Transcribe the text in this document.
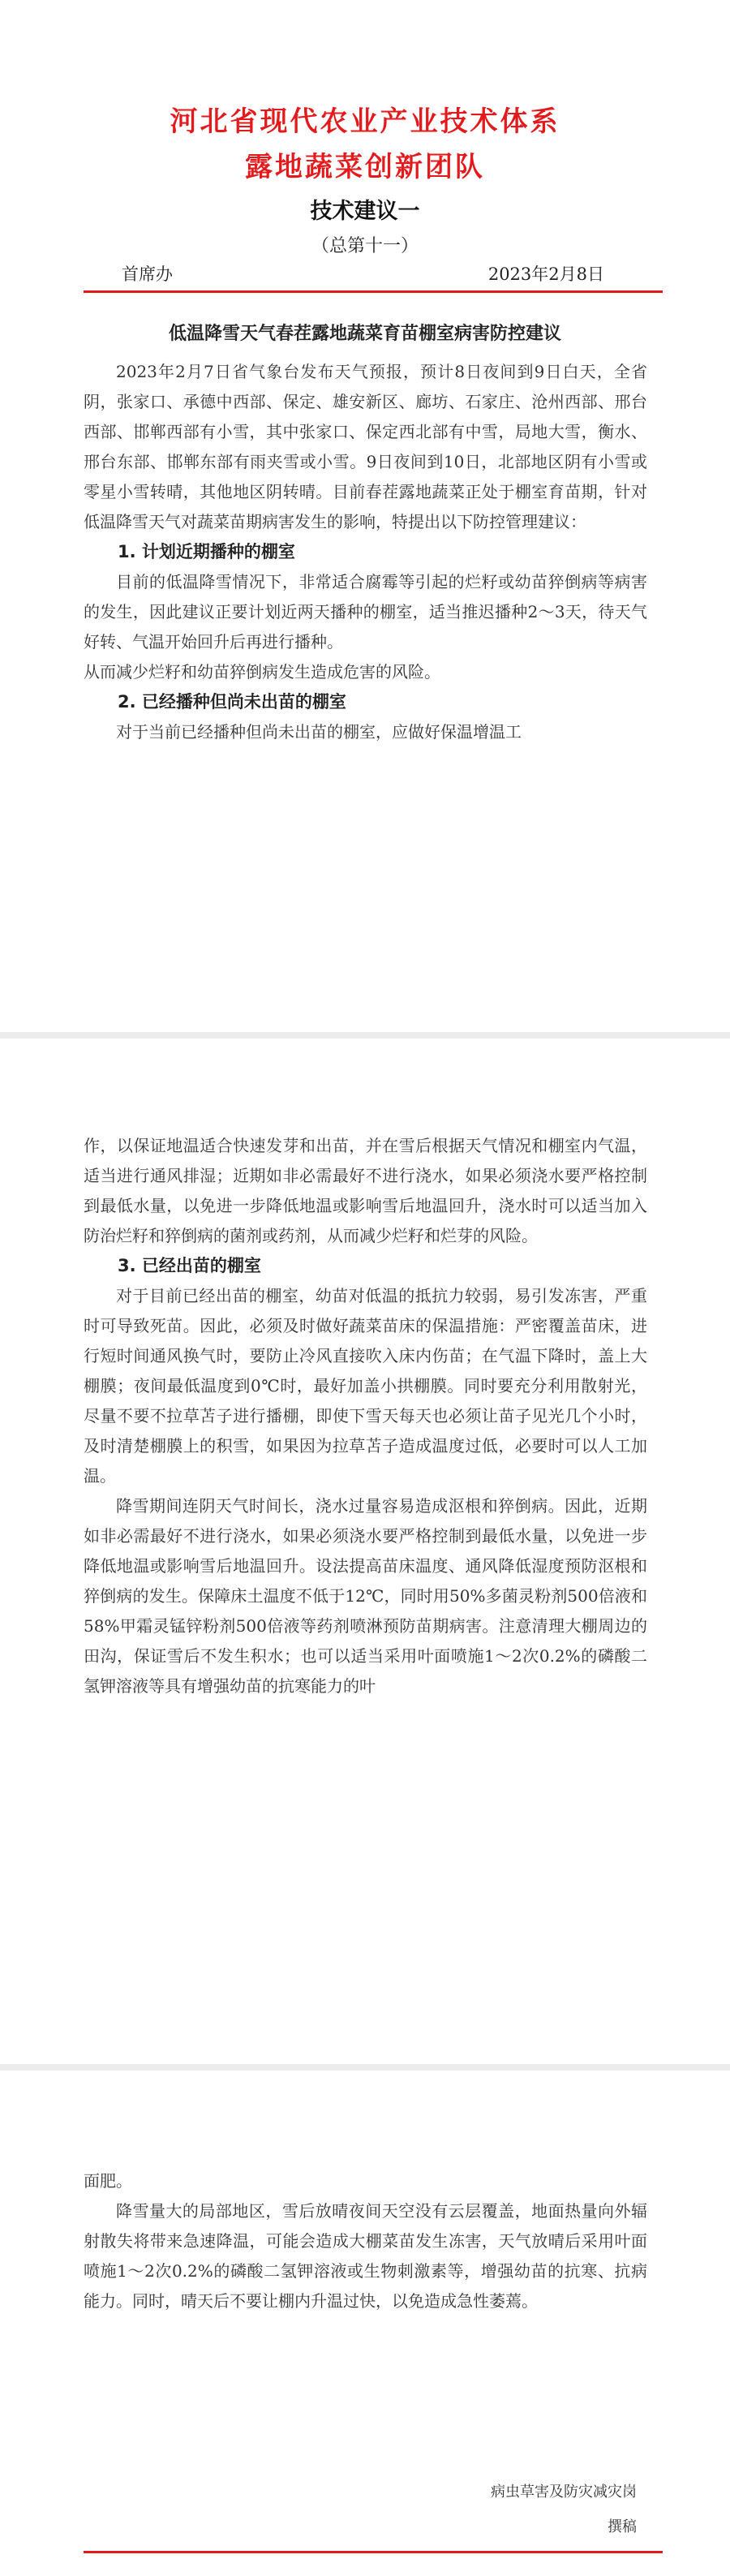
河北省现代农业产业技术体系
露地蔬菜创新团队
技术建议一
（总第十一）
首席办	2023年2月8日
低温降雪天气春茬露地蔬菜育苗棚室病害防控建议

2023年2月7日省气象台发布天气预报，预计8日夜间到9日白天，全省阴，张家口、承德中西部、保定、雄安新区、廊坊、石家庄、沧州西部、邢台西部、邯郸西部有小雪，其中张家口、保定西北部有中雪，局地大雪，衡水、邢台东部、邯郸东部有雨夹雪或小雪。9日夜间到10日，北部地区阴有小雪或零星小雪转晴，其他地区阴转晴。目前春茬露地蔬菜正处于棚室育苗期，针对低温降雪天气对蔬菜苗期病害发生的影响，特提出以下防控管理建议：

1. 计划近期播种的棚室

目前的低温降雪情况下，非常适合腐霉等引起的烂籽或幼苗猝倒病等病害的发生，因此建议正要计划近两天播种的棚室，适当推迟播种2～3天，待天气好转、气温开始回升后再进行播种。

从而减少烂籽和幼苗猝倒病发生造成危害的风险。

2. 已经播种但尚未出苗的棚室

对于当前已经播种但尚未出苗的棚室，应做好保温增温工

作，以保证地温适合快速发芽和出苗，并在雪后根据天气情况和棚室内气温，适当进行通风排湿；近期如非必需最好不进行浇水，如果必须浇水要严格控制到最低水量，以免进一步降低地温或影响雪后地温回升，浇水时可以适当加入防治烂籽和猝倒病的菌剂或药剂，从而减少烂籽和烂芽的风险。

3. 已经出苗的棚室

对于目前已经出苗的棚室，幼苗对低温的抵抗力较弱，易引发冻害，严重时可导致死苗。因此，必须及时做好蔬菜苗床的保温措施：严密覆盖苗床，进行短时间通风换气时，要防止冷风直接吹入床内伤苗；在气温下降时，盖上大棚膜；夜间最低温度到0℃时，最好加盖小拱棚膜。同时要充分利用散射光，尽量不要不拉草苫子进行播棚，即使下雪天每天也必须让苗子见光几个小时，及时清楚棚膜上的积雪，如果因为拉草苫子造成温度过低，必要时可以人工加温。

降雪期间连阴天气时间长，浇水过量容易造成沤根和猝倒病。因此，近期如非必需最好不进行浇水，如果必须浇水要严格控制到最低水量，以免进一步降低地温或影响雪后地温回升。设法提高苗床温度、通风降低湿度预防沤根和猝倒病的发生。保障床土温度不低于12℃，同时用50%多菌灵粉剂500倍液和58%甲霜灵锰锌粉剂500倍液等药剂喷淋预防苗期病害。注意清理大棚周边的田沟，保证雪后不发生积水；也可以适当采用叶面喷施1～2次0.2%的磷酸二氢钾溶液等具有增强幼苗的抗寒能力的叶

面肥。

降雪量大的局部地区，雪后放晴夜间天空没有云层覆盖，地面热量向外辐射散失将带来急速降温，可能会造成大棚菜苗发生冻害，天气放晴后采用叶面喷施1～2次0.2%的磷酸二氢钾溶液或生物刺激素等，增强幼苗的抗寒、抗病能力。同时，晴天后不要让棚内升温过快，以免造成急性萎蔫。

病虫草害及防灾减灾岗
撰稿
